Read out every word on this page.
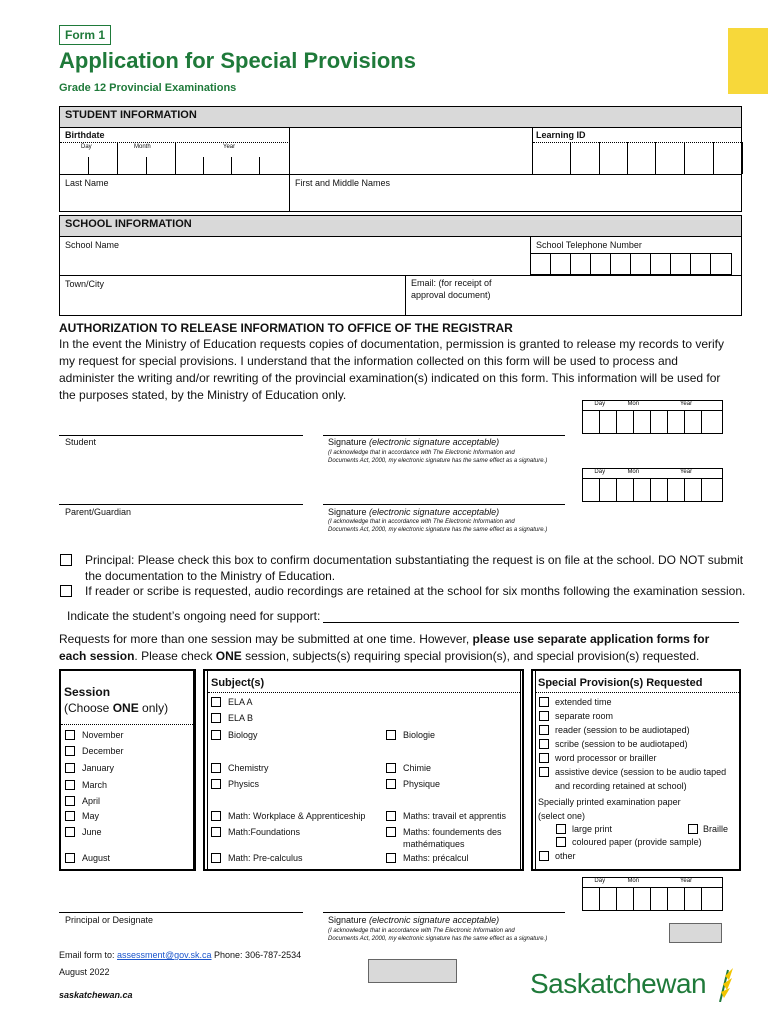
Form 1
Application for Special Provisions
Grade 12 Provincial Examinations
STUDENT INFORMATION
Birthdate
Day	Month	Year
Learning ID
Last Name	First and Middle Names
SCHOOL INFORMATION
School Name	School Telephone Number
Town/City	Email: (for receipt of
approval document)
AUTHORIZATION TO RELEASE INFORMATION TO OFFICE OF THE REGISTRAR
In the event the Ministry of Education requests copies of documentation, permission is granted to release my records to verify my request for special provisions. I understand that the information collected on this form will be used to process and administer the writing and/or rewriting of the provincial examination(s) indicated on this form. This information will be used for the purposes stated, by the Ministry of Education only.
Day	Mon	Year
Student	Signature (electronic signature acceptable)
(I acknowledge that in accordance with The Electronic Information and
Documents Act, 2000, my electronic signature has the same effect as a signature.)
Day	Mon	Year
Parent/Guardian	Signature (electronic signature acceptable)
(I acknowledge that in accordance with The Electronic Information and
Documents Act, 2000, my electronic signature has the same effect as a signature.)
Principal: Please check this box to confirm documentation substantiating the request is on file at the school. DO NOT submit
the documentation to the Ministry of Education.
If reader or scribe is requested, audio recordings are retained at the school for six months following the examination session.
Indicate the student’s ongoing need for support:
Requests for more than one session may be submitted at one time. However, please use separate application forms for each session. Please check ONE session, subjects(s) requiring special provision(s), and special provision(s) requested.
Session
(Choose ONE only)
November
December
January
March
April
May
June
August
Subject(s)
ELA A
ELA B
Biology	Biologie
Chemistry	Chimie
Physics	Physique
Math: Workplace & Apprenticeship	Maths: travail et apprentis
Math:Foundations	Maths: foundements des
mathématiques
Math: Pre-calculus	Maths: précalcul
Special Provision(s) Requested
extended time
separate room
reader (session to be audiotaped)
scribe (session to be audiotaped)
word processor or brailler
assistive device (session to be audio taped
and recording retained at school)
Specially printed examination paper
(select one)
large print	Braille
coloured paper (provide sample)
other
Day	Mon	Year
Principal or Designate	Signature (electronic signature acceptable)
(I acknowledge that in accordance with The Electronic Information and
Documents Act, 2000, my electronic signature has the same effect as a signature.)
Email form to: assessment@gov.sk.ca Phone: 306-787-2534
August 2022
saskatchewan.ca	Saskatchewan
